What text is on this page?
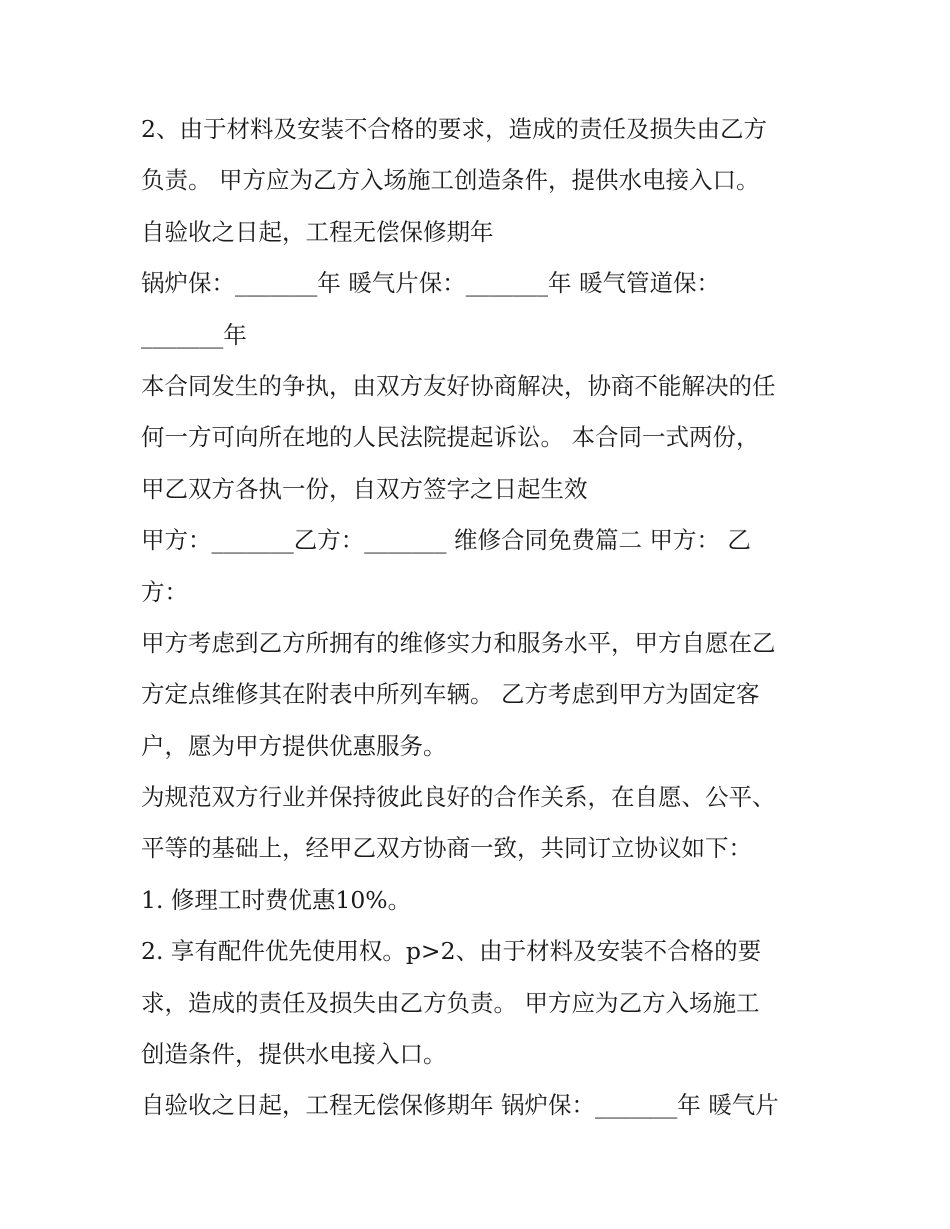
2、由于材料及安装不合格的要求，造成的责任及损失由乙方
负责。 甲方应为乙方入场施工创造条件，提供水电接入口。
自验收之日起，工程无偿保修期年
锅炉保：_______年 暖气片保：_______年 暖气管道保：
_______年
本合同发生的争执，由双方友好协商解决，协商不能解决的任
何一方可向所在地的人民法院提起诉讼。 本合同一式两份，
甲乙双方各执一份，自双方签字之日起生效
甲方：_______乙方：_______ 维修合同免费篇二 甲方： 乙
方：
甲方考虑到乙方所拥有的维修实力和服务水平，甲方自愿在乙
方定点维修其在附表中所列车辆。 乙方考虑到甲方为固定客
户，愿为甲方提供优惠服务。
为规范双方行业并保持彼此良好的合作关系，在自愿、公平、
平等的基础上，经甲乙双方协商一致，共同订立协议如下：
1. 修理工时费优惠10%。
2. 享有配件优先使用权。p>2、由于材料及安装不合格的要
求，造成的责任及损失由乙方负责。 甲方应为乙方入场施工
创造条件，提供水电接入口。
自验收之日起，工程无偿保修期年 锅炉保：_______年 暖气片
